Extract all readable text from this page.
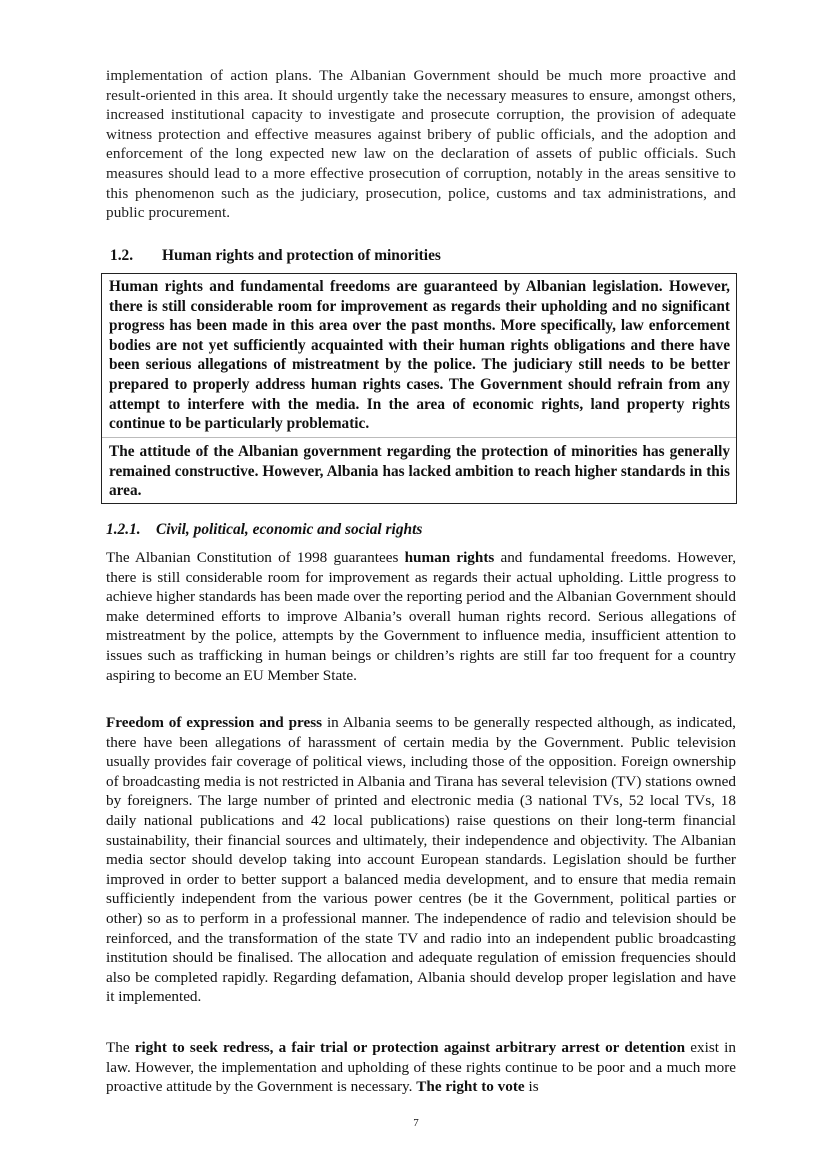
implementation of action plans. The Albanian Government should be much more proactive and result-oriented in this area. It should urgently take the necessary measures to ensure, amongst others, increased institutional capacity to investigate and prosecute corruption, the provision of adequate witness protection and effective measures against bribery of public officials, and the adoption and enforcement of the long expected new law on the declaration of assets of public officials. Such measures should lead to a more effective prosecution of corruption, notably in the areas sensitive to this phenomenon such as the judiciary, prosecution, police, customs and tax administrations, and public procurement.

1.2. Human rights and protection of minorities

Human rights and fundamental freedoms are guaranteed by Albanian legislation. However, there is still considerable room for improvement as regards their upholding and no significant progress has been made in this area over the past months. More specifically, law enforcement bodies are not yet sufficiently acquainted with their human rights obligations and there have been serious allegations of mistreatment by the police. The judiciary still needs to be better prepared to properly address human rights cases. The Government should refrain from any attempt to interfere with the media. In the area of economic rights, land property rights continue to be particularly problematic.

The attitude of the Albanian government regarding the protection of minorities has generally remained constructive. However, Albania has lacked ambition to reach higher standards in this area.

1.2.1. Civil, political, economic and social rights

The Albanian Constitution of 1998 guarantees human rights and fundamental freedoms. However, there is still considerable room for improvement as regards their actual upholding. Little progress to achieve higher standards has been made over the reporting period and the Albanian Government should make determined efforts to improve Albania’s overall human rights record. Serious allegations of mistreatment by the police, attempts by the Government to influence media, insufficient attention to issues such as trafficking in human beings or children’s rights are still far too frequent for a country aspiring to become an EU Member State.

Freedom of expression and press in Albania seems to be generally respected although, as indicated, there have been allegations of harassment of certain media by the Government. Public television usually provides fair coverage of political views, including those of the opposition. Foreign ownership of broadcasting media is not restricted in Albania and Tirana has several television (TV) stations owned by foreigners. The large number of printed and electronic media (3 national TVs, 52 local TVs, 18 daily national publications and 42 local publications) raise questions on their long-term financial sustainability, their financial sources and ultimately, their independence and objectivity. The Albanian media sector should develop taking into account European standards. Legislation should be further improved in order to better support a balanced media development, and to ensure that media remain sufficiently independent from the various power centres (be it the Government, political parties or other) so as to perform in a professional manner. The independence of radio and television should be reinforced, and the transformation of the state TV and radio into an independent public broadcasting institution should be finalised. The allocation and adequate regulation of emission frequencies should also be completed rapidly. Regarding defamation, Albania should develop proper legislation and have it implemented.

The right to seek redress, a fair trial or protection against arbitrary arrest or detention exist in law. However, the implementation and upholding of these rights continue to be poor and a much more proactive attitude by the Government is necessary. The right to vote is

7
